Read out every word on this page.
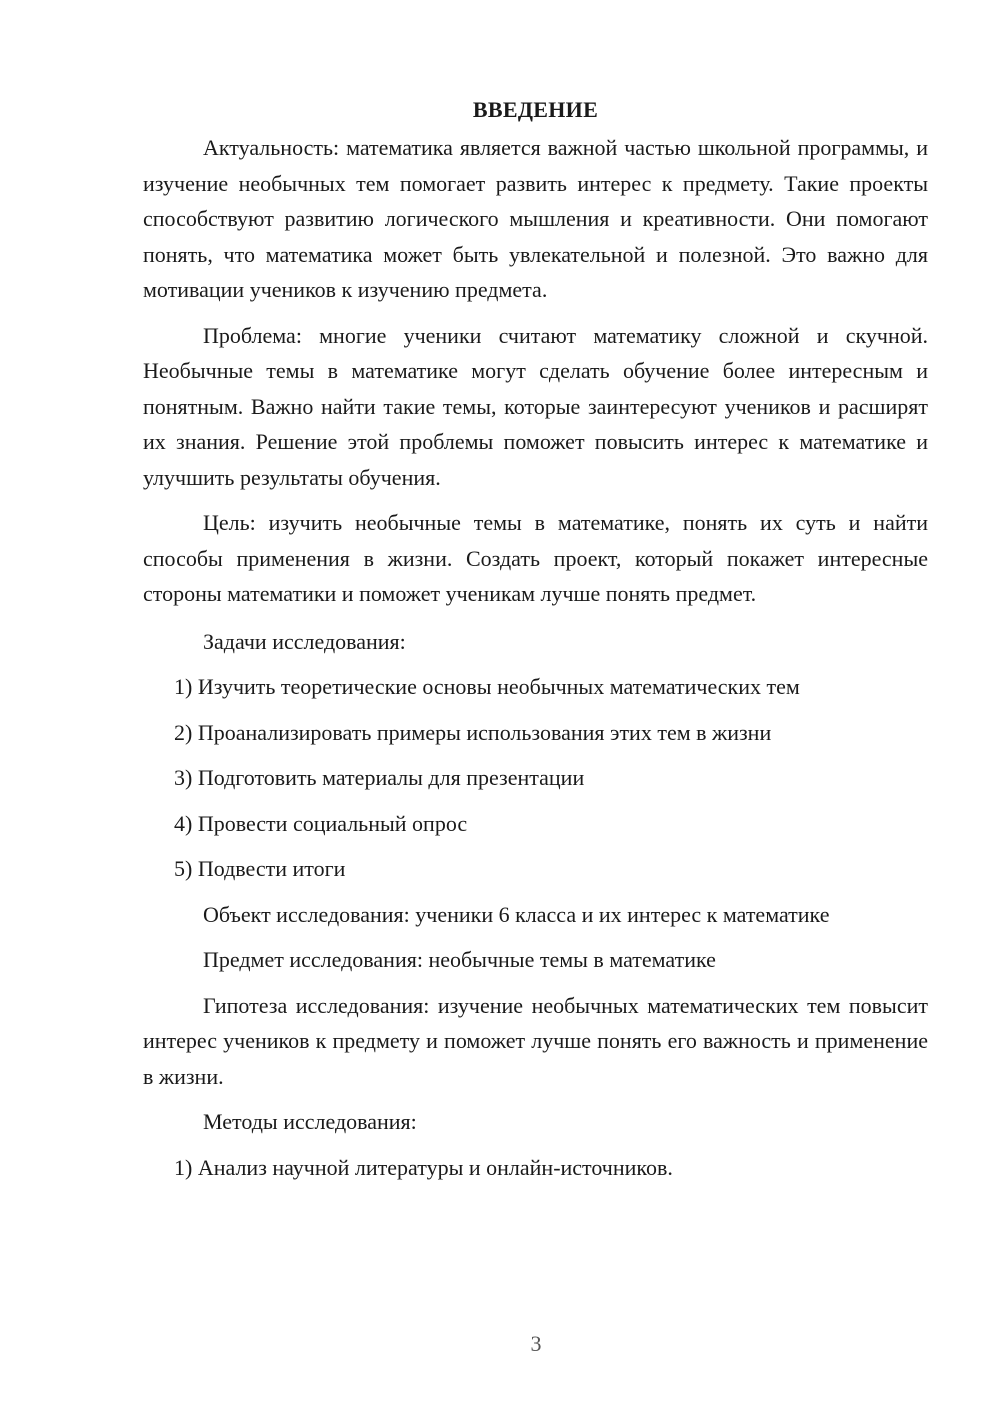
ВВЕДЕНИЕ

Актуальность: математика является важной частью школьной программы, и изучение необычных тем помогает развить интерес к предмету. Такие проекты способствуют развитию логического мышления и креативности. Они помогают понять, что математика может быть увлекательной и полезной. Это важно для мотивации учеников к изучению предмета.

Проблема: многие ученики считают математику сложной и скучной. Необычные темы в математике могут сделать обучение более интересным и понятным. Важно найти такие темы, которые заинтересуют учеников и расширят их знания. Решение этой проблемы поможет повысить интерес к математике и улучшить результаты обучения.

Цель: изучить необычные темы в математике, понять их суть и найти способы применения в жизни. Создать проект, который покажет интересные стороны математики и поможет ученикам лучше понять предмет.

Задачи исследования:
1) Изучить теоретические основы необычных математических тем
2) Проанализировать примеры использования этих тем в жизни
3) Подготовить материалы для презентации
4) Провести социальный опрос
5) Подвести итоги
Объект исследования: ученики 6 класса и их интерес к математике
Предмет исследования: необычные темы в математике

Гипотеза исследования: изучение необычных математических тем повысит интерес учеников к предмету и поможет лучше понять его важность и применение в жизни.

Методы исследования:
1) Анализ научной литературы и онлайн-источников.
3
